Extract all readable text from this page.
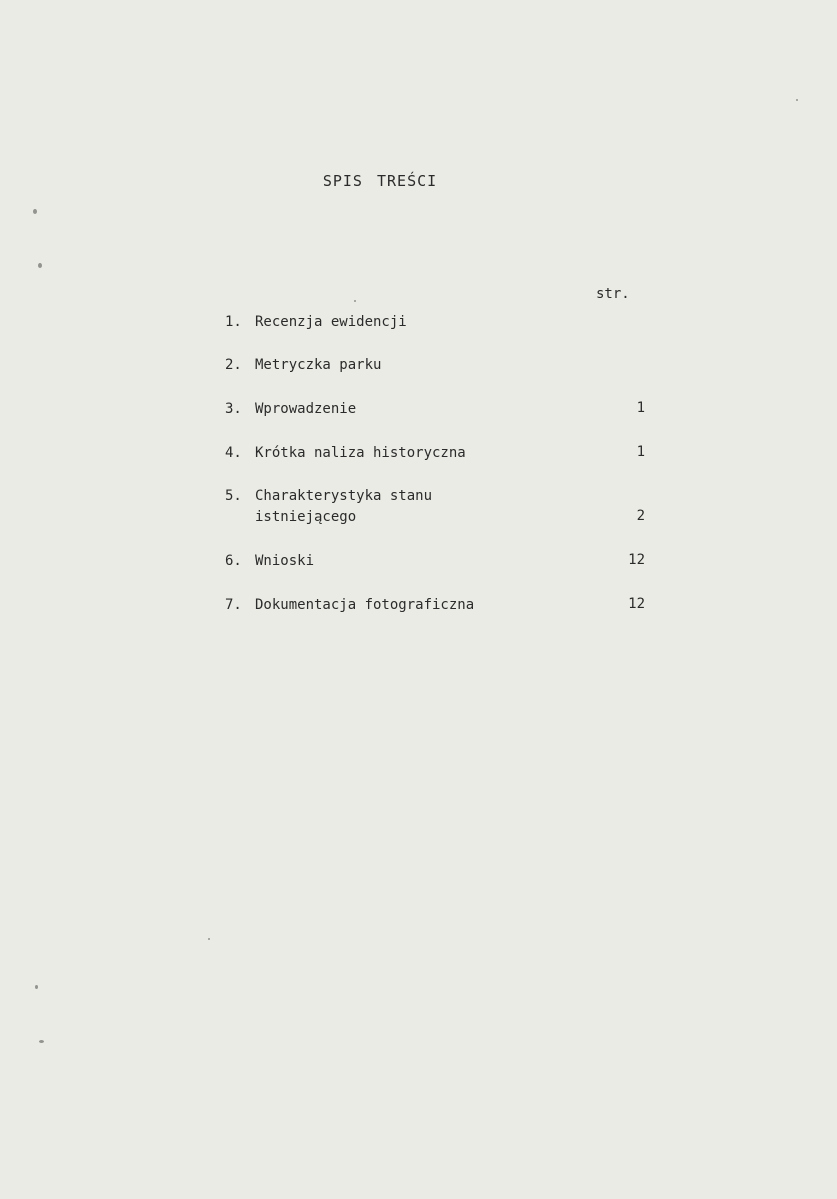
SPIS TREŚCI
str.
1. Recenzja ewidencji
2. Metryczka parku
3. Wprowadzenie	1
4. Krótka naliza historyczna	1
5. Charakterystyka stanu
istniejącego	2
6. Wnioski	12
7. Dokumentacja fotograficzna	12
